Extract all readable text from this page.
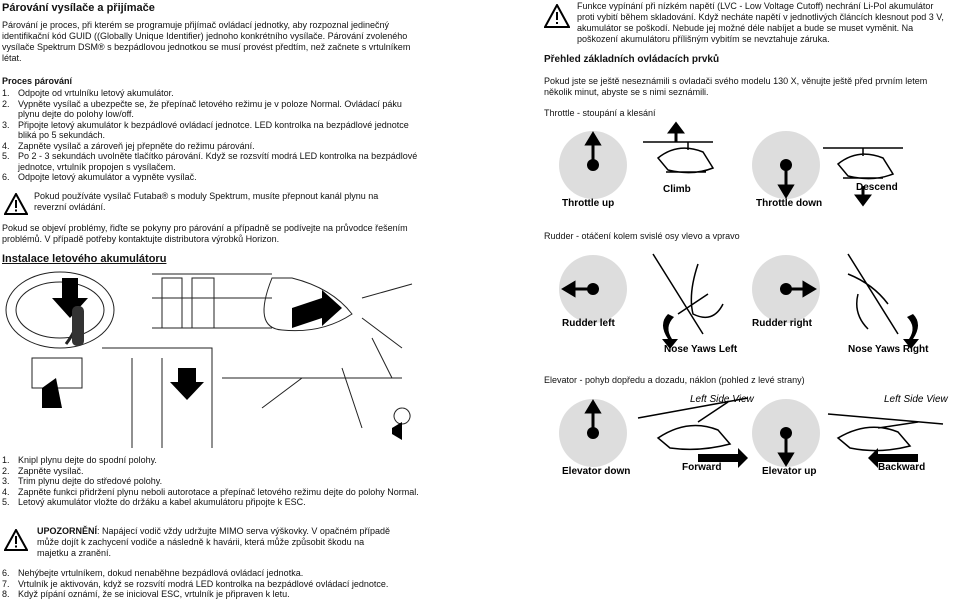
Párování vysílače a přijímače

Párování je proces, při kterém se programuje přijímač ovládací jednotky, aby rozpoznal jedinečný identifikační kód GUID ((Globally Unique Identifier) jednoho konkrétního vysílače. Párování zvoleného vysílače Spektrum DSM® s bezpádlovou jednotkou se musí provést předtím, než začnete s vrtulníkem létat.

Proces párování

1. Odpojte od vrtulníku letový akumulátor.
2. Vypněte vysílač a ubezpečte se, že přepínač letového režimu je v poloze Normal. Ovládací páku plynu dejte do polohy low/off.
3. Připojte letový akumulátor k bezpádlové ovládací jednotce. LED kontrolka na bezpádlové jednotce bliká po 5 sekundách.
4. Zapněte vysílač a zároveň jej přepněte do režimu párování.
5. Po 2 - 3 sekundách uvolněte tlačítko párování. Když se rozsvítí modrá LED kontrolka na bezpádlové jednotce, vrtulník propojen s vysílačem.
6. Odpojte letový akumulátor a vypněte vysílač.

Pokud používáte vysílač Futaba® s moduly Spektrum, musíte přepnout kanál plynu na reverzní ovládání.

Pokud se objeví problémy, řiďte se pokyny pro párování a případně se podívejte na průvodce řešením problémů. V případě potřeby kontaktujte distributora výrobků Horizon.

Instalace letového akumulátoru
1. Knipl plynu dejte do spodní polohy.
2. Zapněte vysílač.
3. Trim plynu dejte do středové polohy.
4. Zapněte funkci přidržení plynu neboli autorotace a přepínač letového režimu dejte do polohy Normal.
5. Letový akumulátor vložte do držáku a kabel akumulátoru připojte k ESC.

UPOZORNĚNÍ: Napájecí vodič vždy udržujte MIMO serva výškovky. V opačném případě může dojít k zachycení vodiče a následně k havárii, která může způsobit škodu na majetku a zranění.

6. Nehýbejte vrtulníkem, dokud nenaběhne bezpádlová ovládací jednotka.
7. Vrtulník je aktivován, když se rozsvítí modrá LED kontrolka na bezpádlové ovládací jednotce.
8. Když pípání oznámí, že se inicioval ESC, vrtulník je připraven k letu.

Funkce vypínání při nízkém napětí (LVC - Low Voltage Cutoff) nechrání Li-Pol akumulátor proti vybití během skladování. Když necháte napětí v jednotlivých článcích klesnout pod 3 V, akumulátor se poškodí. Nebude jej možné déle nabíjet a bude se muset vyměnit. Na poškození akumulátoru přílišným vybitím se nevztahuje záruka.

Přehled základních ovládacích prvků

Pokud jste se ještě neseznámili s ovladači svého modelu 130 X, věnujte ještě před prvním letem několik minut, abyste se s nimi seznámili.

Throttle - stoupání a klesání

Throttle up
Climb	Descend
Throttle down

Rudder - otáčení kolem svislé osy vlevo a vpravo

Rudder left
Nose Yaws Left
Rudder right
Nose Yaws Right

Elevator - pohyb dopředu a dozadu, náklon (pohled z levé strany)

Left Side View	Left Side View
Elevator down	Forward	Elevator up	Backward
